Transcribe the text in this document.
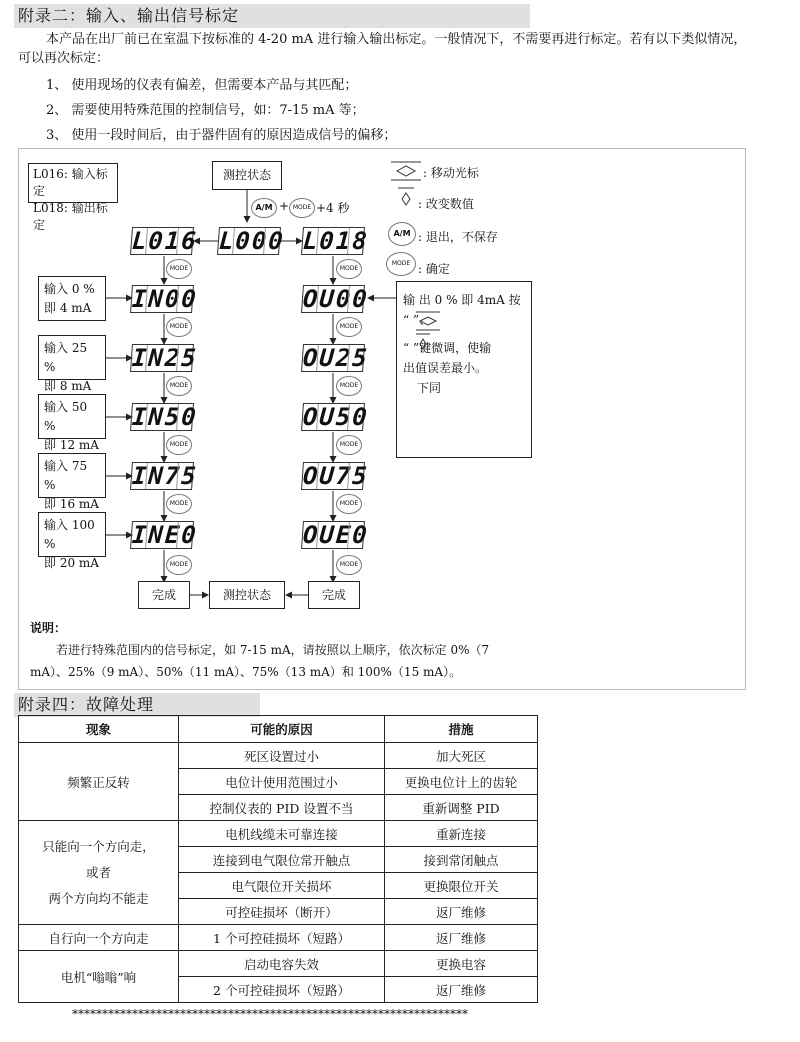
附录二：输入、输出信号标定
本产品在出厂前已在室温下按标准的 4-20 mA 进行输入输出标定。一般情况下，不需要再进行标定。若有以下类似情况，
可以再次标定：
1、 使用现场的仪表有偏差，但需要本产品与其匹配；
2、 需要使用特殊范围的控制信号，如：7-15 mA 等；
3、 使用一段时间后，由于器件固有的原因造成信号的偏移；
L016: 输入标定
L018: 输出标定
测控状态
A/M + MODE +4 秒
L016 L000 L018
IN00
IN25
IN50
IN75
INE0
OU00
OU25
OU50
OU75
OUE0
MODE
MODE
MODE
MODE
MODE
MODE
MODE
MODE
MODE
MODE
MODE
MODE
输入 0 %
即 4 mA
输入 25 %
即 8 mA
输入 50 %
即 12 mA
输入 75 %
即 16 mA
输入 100 %
即 20 mA
完成	测控状态	完成
: 移动光标
: 改变数值
A/M : 退出，不保存
MODE : 确定
输 出 0 % 即 4mA 按
“ ”、
“ ”键微调，使输
出值误差最小。
下同
说明：
若进行特殊范围内的信号标定，如 7-15 mA，请按照以上顺序，依次标定 0%（7
mA）、25%（9 mA）、50%（11 mA）、75%（13 mA）和 100%（15 mA）。
附录四：故障处理
现象	可能的原因	措施
频繁正反转	死区设置过小	加大死区
	电位计使用范围过小	更换电位计上的齿轮
	控制仪表的 PID 设置不当	重新调整 PID

只能向一个方向走，
或者
两个方向均不能走	电机线缆未可靠连接	重新连接
	连接到电气限位常开触点	接到常闭触点
	电气限位开关损坏	更换限位开关
	可控硅损坏（断开）	返厂维修
自行向一个方向走	1 个可控硅损坏（短路）	返厂维修
电机“嗡嗡”响	启动电容失效	更换电容
	2 个可控硅损坏（短路）	返厂维修
******************************************************************
